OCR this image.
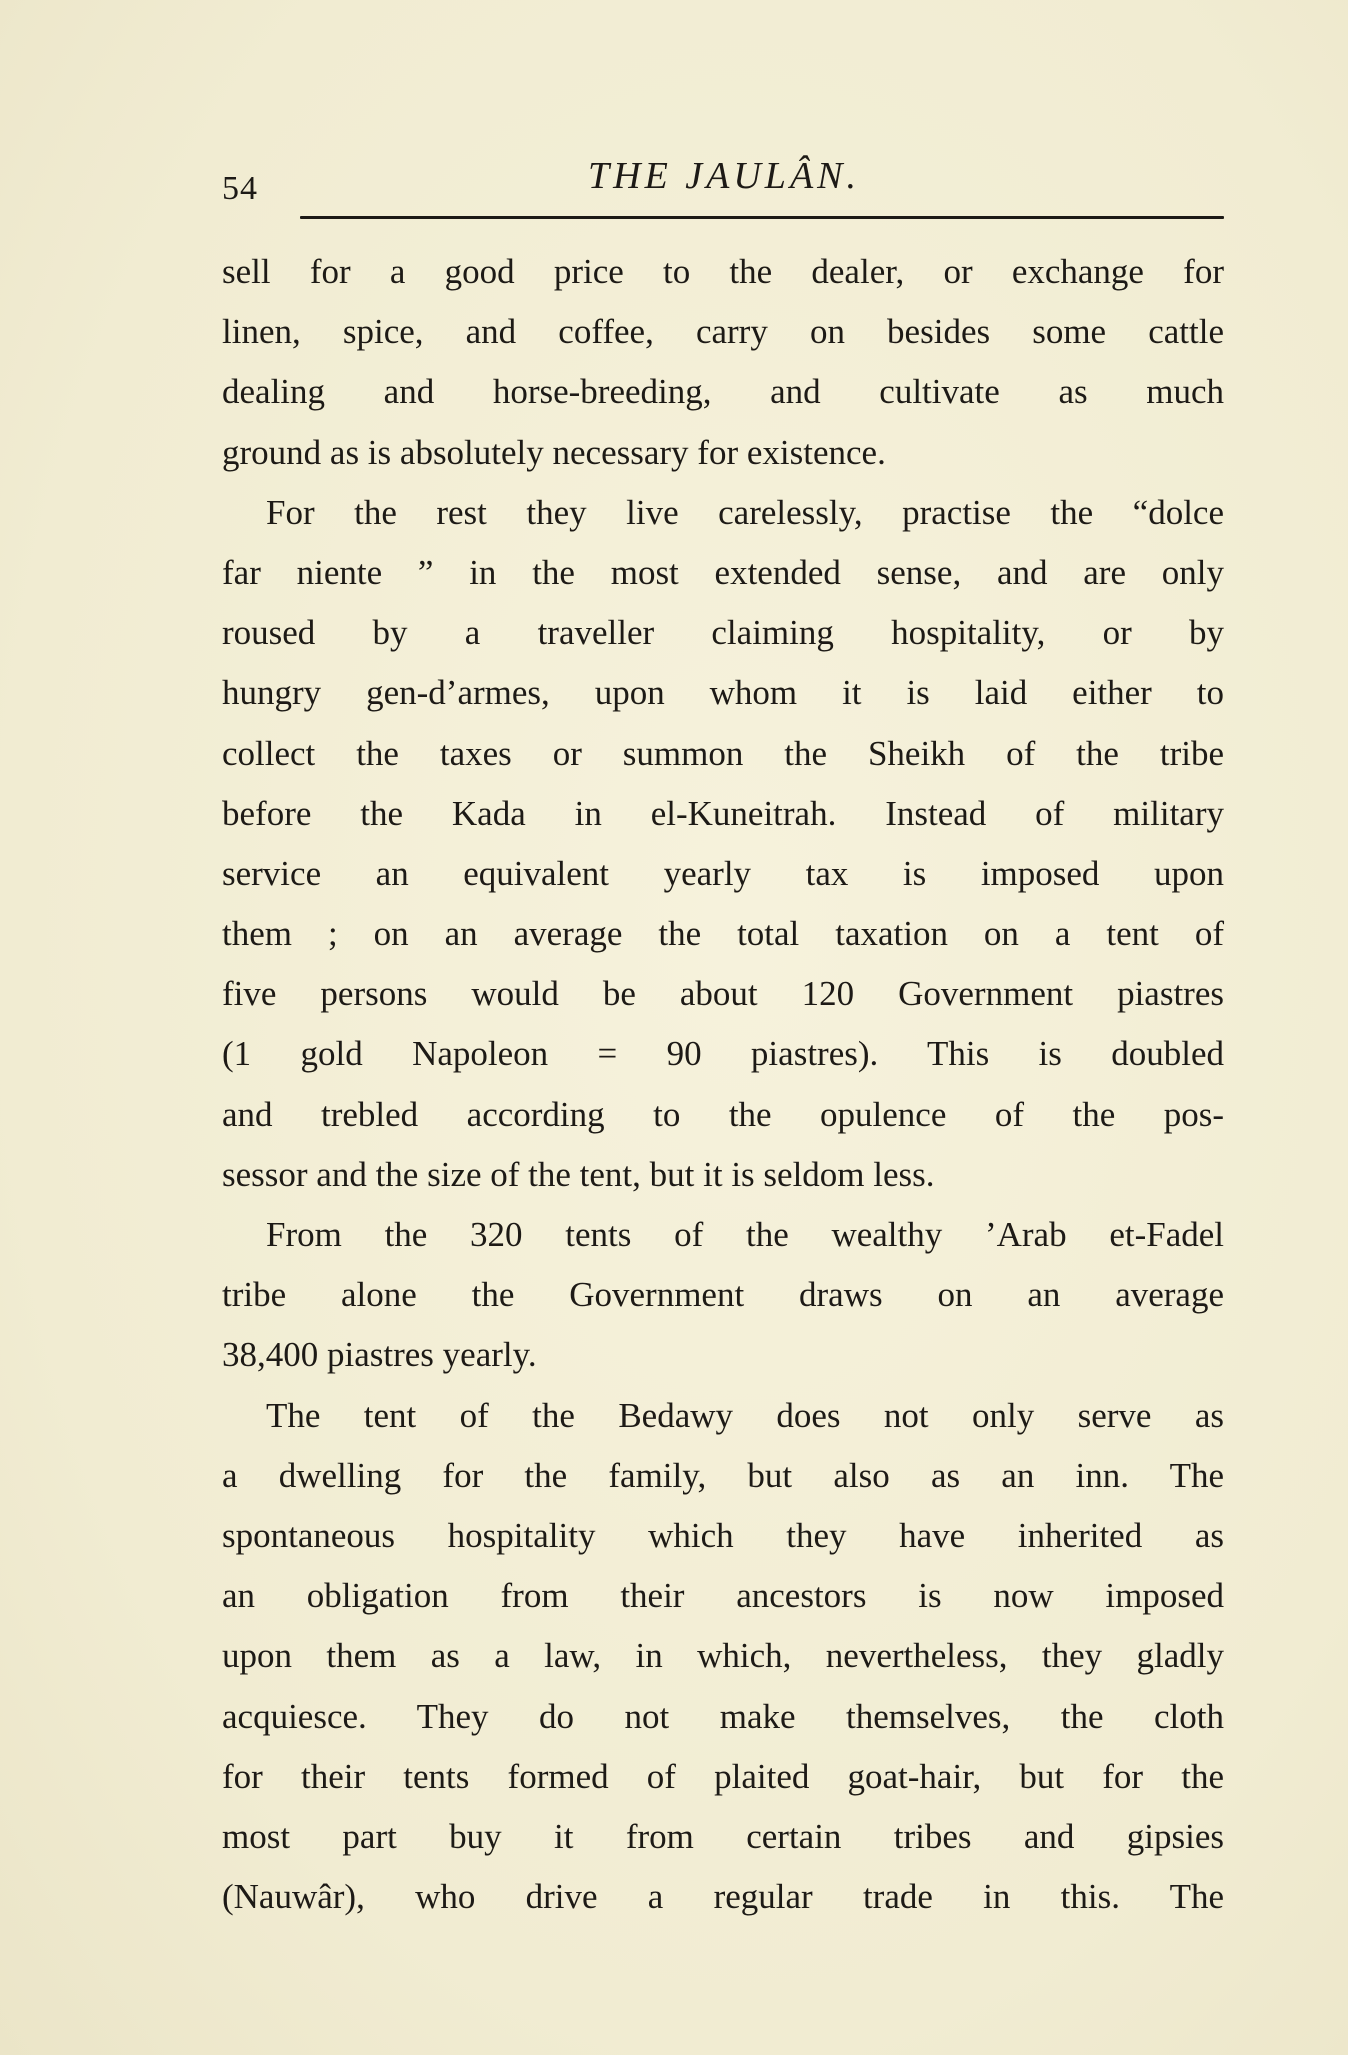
54	THE JAULÂN.
sell for a good price to the dealer, or exchange for
linen, spice, and coffee, carry on besides some cattle
dealing and horse-breeding, and cultivate as much
ground as is absolutely necessary for existence.
For the rest they live carelessly, practise the “dolce
far niente ” in the most extended sense, and are only
roused by a traveller claiming hospitality, or by
hungry gen-d’armes, upon whom it is laid either to
collect the taxes or summon the Sheikh of the tribe
before the Kada in el-Kuneitrah. Instead of military
service an equivalent yearly tax is imposed upon
them ; on an average the total taxation on a tent of
five persons would be about 120 Government piastres
(1 gold Napoleon = 90 piastres). This is doubled
and trebled according to the opulence of the pos-
sessor and the size of the tent, but it is seldom less.
From the 320 tents of the wealthy ’Arab et-Fadel
tribe alone the Government draws on an average
38,400 piastres yearly.
The tent of the Bedawy does not only serve as
a dwelling for the family, but also as an inn. The
spontaneous hospitality which they have inherited as
an obligation from their ancestors is now imposed
upon them as a law, in which, nevertheless, they gladly
acquiesce. They do not make themselves, the cloth
for their tents formed of plaited goat-hair, but for the
most part buy it from certain tribes and gipsies
(Nauwâr), who drive a regular trade in this. The
